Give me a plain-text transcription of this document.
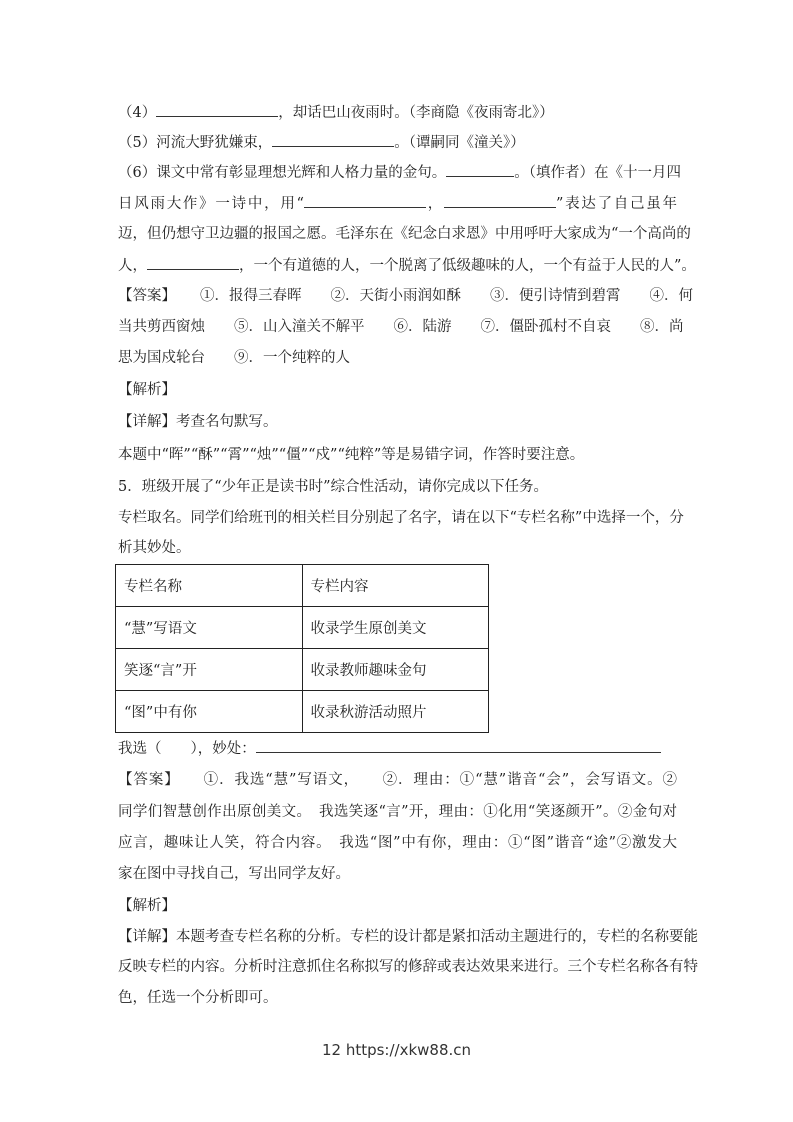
（4）	，却话巴山夜雨时。（李商隐《夜雨寄北》）
（5）河流大野犹嫌束，	。（谭嗣同《潼关》）
（6）课文中常有彰显理想光辉和人格力量的金句。	。（填作者）在《十一月四
日风雨大作》一诗中，用“	，	”表达了自己虽年
迈，但仍想守卫边疆的报国之愿。毛泽东在《纪念白求恩》中用呼吁大家成为“一个高尚的
人，	，一个有道德的人，一个脱离了低级趣味的人，一个有益于人民的人”。
【答案】 ①．报得三春晖　　②．天街小雨润如酥　　③．便引诗情到碧霄　　④．何
当共剪西窗烛　　⑤．山入潼关不解平　　⑥．陆游　　⑦．僵卧孤村不自哀　　⑧．尚
思为国戍轮台　　⑨．一个纯粹的人
【解析】
【详解】考查名句默写。
本题中“晖”“酥”“霄”“烛”“僵”“戍”“纯粹”等是易错字词，作答时要注意。
5．班级开展了“少年正是读书时”综合性活动，请你完成以下任务。
专栏取名。同学们给班刊的相关栏目分别起了名字，请在以下“专栏名称”中选择一个，分
析其妙处。
专栏名称	专栏内容
“慧”写语文	收录学生原创美文
笑逐“言”开	收录教师趣味金句
“图”中有你	收录秋游活动照片
我选（　　），妙处：
【答案】 ①．我选“慧”写语文，　　②．理由：①“慧”谐音“会”，会写语文。②
同学们智慧创作出原创美文。　我选笑逐“言”开，理由：①化用“笑逐颜开”。②金句对
应言，趣味让人笑，符合内容。　我选“图”中有你，理由：①“图”谐音“途”②激发大
家在图中寻找自己，写出同学友好。
【解析】
【详解】本题考查专栏名称的分析。专栏的设计都是紧扣活动主题进行的，专栏的名称要能
反映专栏的内容。分析时注意抓住名称拟写的修辞或表达效果来进行。三个专栏名称各有特
色，任选一个分析即可。
12 https://xkw88.cn
